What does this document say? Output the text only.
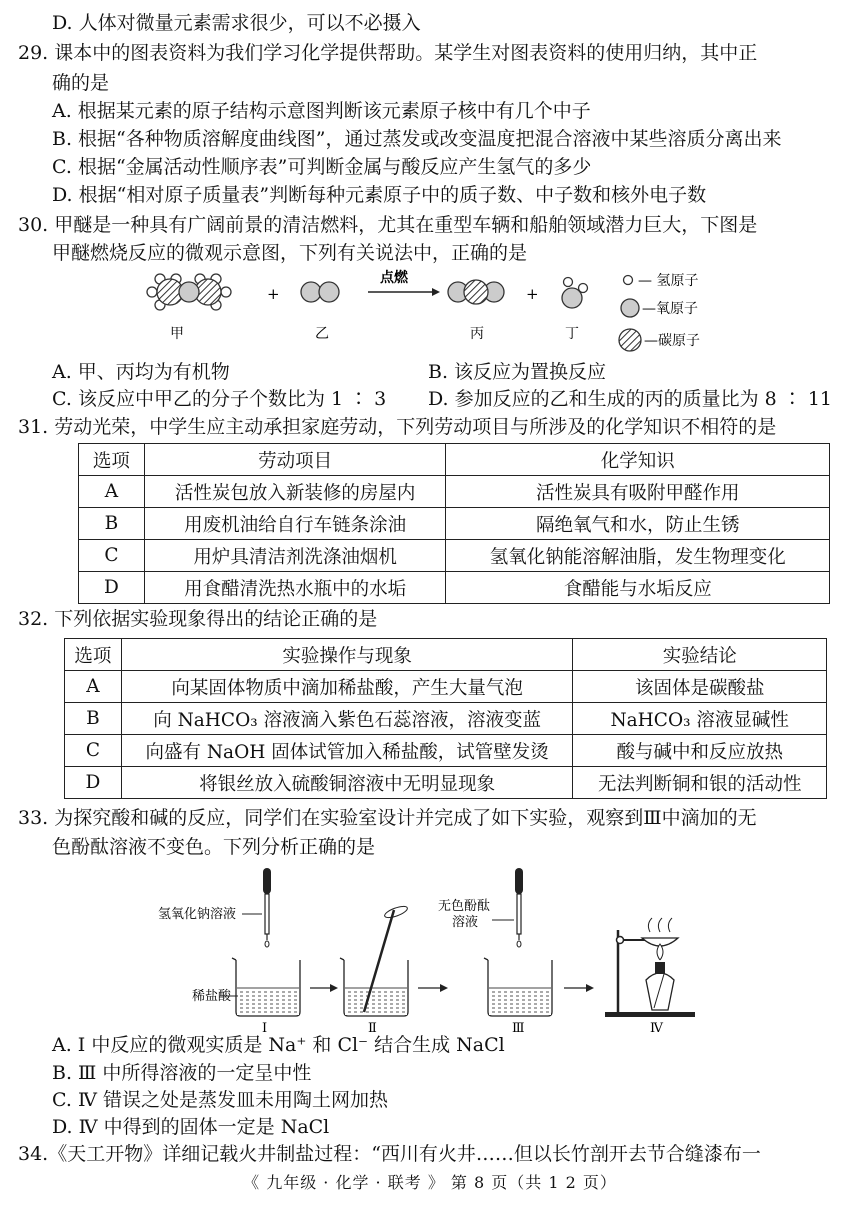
D. 人体对微量元素需求很少，可以不必摄入
29. 课本中的图表资料为我们学习化学提供帮助。某学生对图表资料的使用归纳，其中正
确的是
A. 根据某元素的原子结构示意图判断该元素原子核中有几个中子
B. 根据“各种物质溶解度曲线图”，通过蒸发或改变温度把混合溶液中某些溶质分离出来
C. 根据“金属活动性顺序表”可判断金属与酸反应产生氢气的多少
D. 根据“相对原子质量表”判断每种元素原子中的质子数、中子数和核外电子数
30. 甲醚是一种具有广阔前景的清洁燃料，尤其在重型车辆和船舶领域潜力巨大，下图是
甲醚燃烧反应的微观示意图，下列有关说法中，正确的是
+
点燃
+
甲	乙	丙	丁
— 氢原子
—氧原子
—碳原子
A. 甲、丙均为有机物	B. 该反应为置换反应
C. 该反应中甲乙的分子个数比为 1 ∶ 3 D. 参加反应的乙和生成的丙的质量比为 8 ∶ 11
31. 劳动光荣，中学生应主动承担家庭劳动，下列劳动项目与所涉及的化学知识不相符的是
选项	劳动项目	化学知识
A	活性炭包放入新装修的房屋内	活性炭具有吸附甲醛作用
B	用废机油给自行车链条涂油	隔绝氧气和水，防止生锈
C	用炉具清洁剂洗涤油烟机	氢氧化钠能溶解油脂，发生物理变化
D	用食醋清洗热水瓶中的水垢	食醋能与水垢反应
32. 下列依据实验现象得出的结论正确的是
选项	实验操作与现象	实验结论
A	向某固体物质中滴加稀盐酸，产生大量气泡	该固体是碳酸盐
B	向 NaHCO₃ 溶液滴入紫色石蕊溶液，溶液变蓝	NaHCO₃ 溶液显碱性
C	向盛有 NaOH 固体试管加入稀盐酸，试管壁发烫	酸与碱中和反应放热
D	将银丝放入硫酸铜溶液中无明显现象	无法判断铜和银的活动性
33. 为探究酸和碱的反应，同学们在实验室设计并完成了如下实验，观察到Ⅲ中滴加的无
色酚酞溶液不变色。下列分析正确的是
氢氧化钠溶液
稀盐酸
Ⅰ	Ⅱ
无色酚酞
溶液
Ⅲ	Ⅳ
A. Ⅰ 中反应的微观实质是 Na⁺ 和 Cl⁻ 结合生成 NaCl
B. Ⅲ 中所得溶液的一定呈中性
C. Ⅳ 错误之处是蒸发皿未用陶土网加热
D. Ⅳ 中得到的固体一定是 NaCl
34.《天工开物》详细记载火井制盐过程：“西川有火井……但以长竹剖开去节合缝漆布一
《 九年级 · 化学 · 联考 》 第 8 页（共 1 2 页）
